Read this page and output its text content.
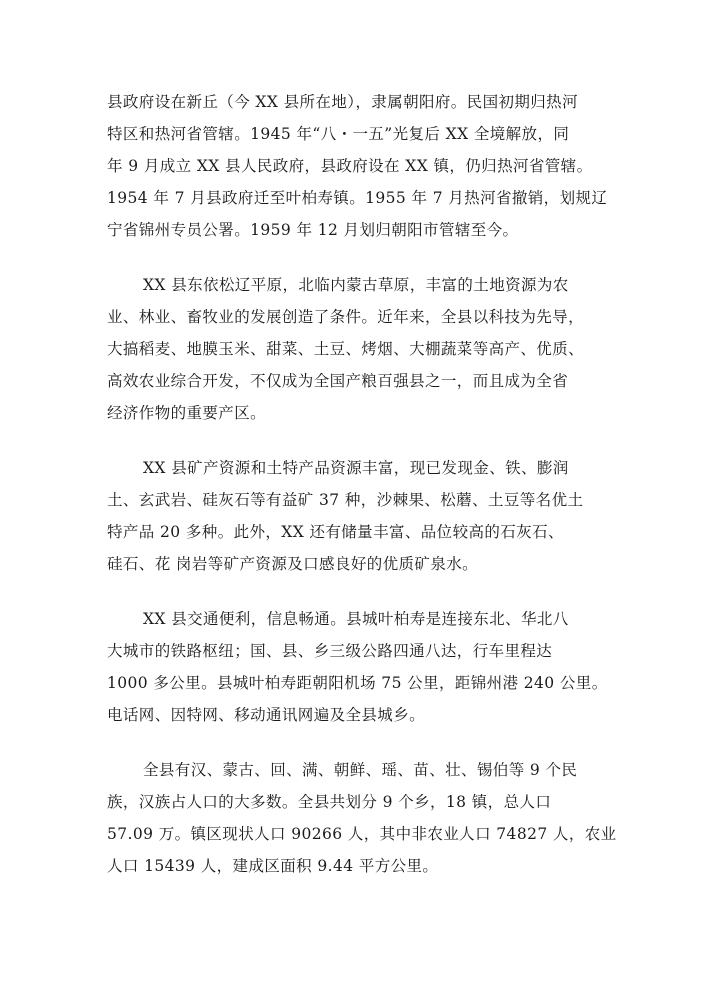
县政府设在新丘（今 XX 县所在地），隶属朝阳府。民国初期归热河
特区和热河省管辖。1945 年“八・一五”光复后 XX 全境解放，同
年 9 月成立 XX 县人民政府，县政府设在 XX 镇，仍归热河省管辖。
1954 年 7 月县政府迁至叶柏寿镇。1955 年 7 月热河省撤销，划规辽
宁省锦州专员公署。1959 年 12 月划归朝阳市管辖至今。
XX 县东依松辽平原，北临内蒙古草原，丰富的土地资源为农
业、林业、畜牧业的发展创造了条件。近年来，全县以科技为先导，
大搞稻麦、地膜玉米、甜菜、土豆、烤烟、大棚蔬菜等高产、优质、
高效农业综合开发，不仅成为全国产粮百强县之一，而且成为全省
经济作物的重要产区。
XX 县矿产资源和土特产品资源丰富，现已发现金、铁、膨润
土、玄武岩、硅灰石等有益矿 37 种，沙棘果、松蘑、土豆等名优土
特产品 20 多种。此外，XX 还有储量丰富、品位较高的石灰石、
硅石、花 岗岩等矿产资源及口感良好的优质矿泉水。
XX 县交通便利，信息畅通。县城叶柏寿是连接东北、华北八
大城市的铁路枢纽；国、县、乡三级公路四通八达，行车里程达
1000 多公里。县城叶柏寿距朝阳机场 75 公里，距锦州港 240 公里。
电话网、因特网、移动通讯网遍及全县城乡。
全县有汉、蒙古、回、满、朝鲜、瑶、苗、壮、锡伯等 9 个民
族，汉族占人口的大多数。全县共划分 9 个乡，18 镇，总人口
57.09 万。镇区现状人口 90266 人，其中非农业人口 74827 人，农业
人口 15439 人，建成区面积 9.44 平方公里。
